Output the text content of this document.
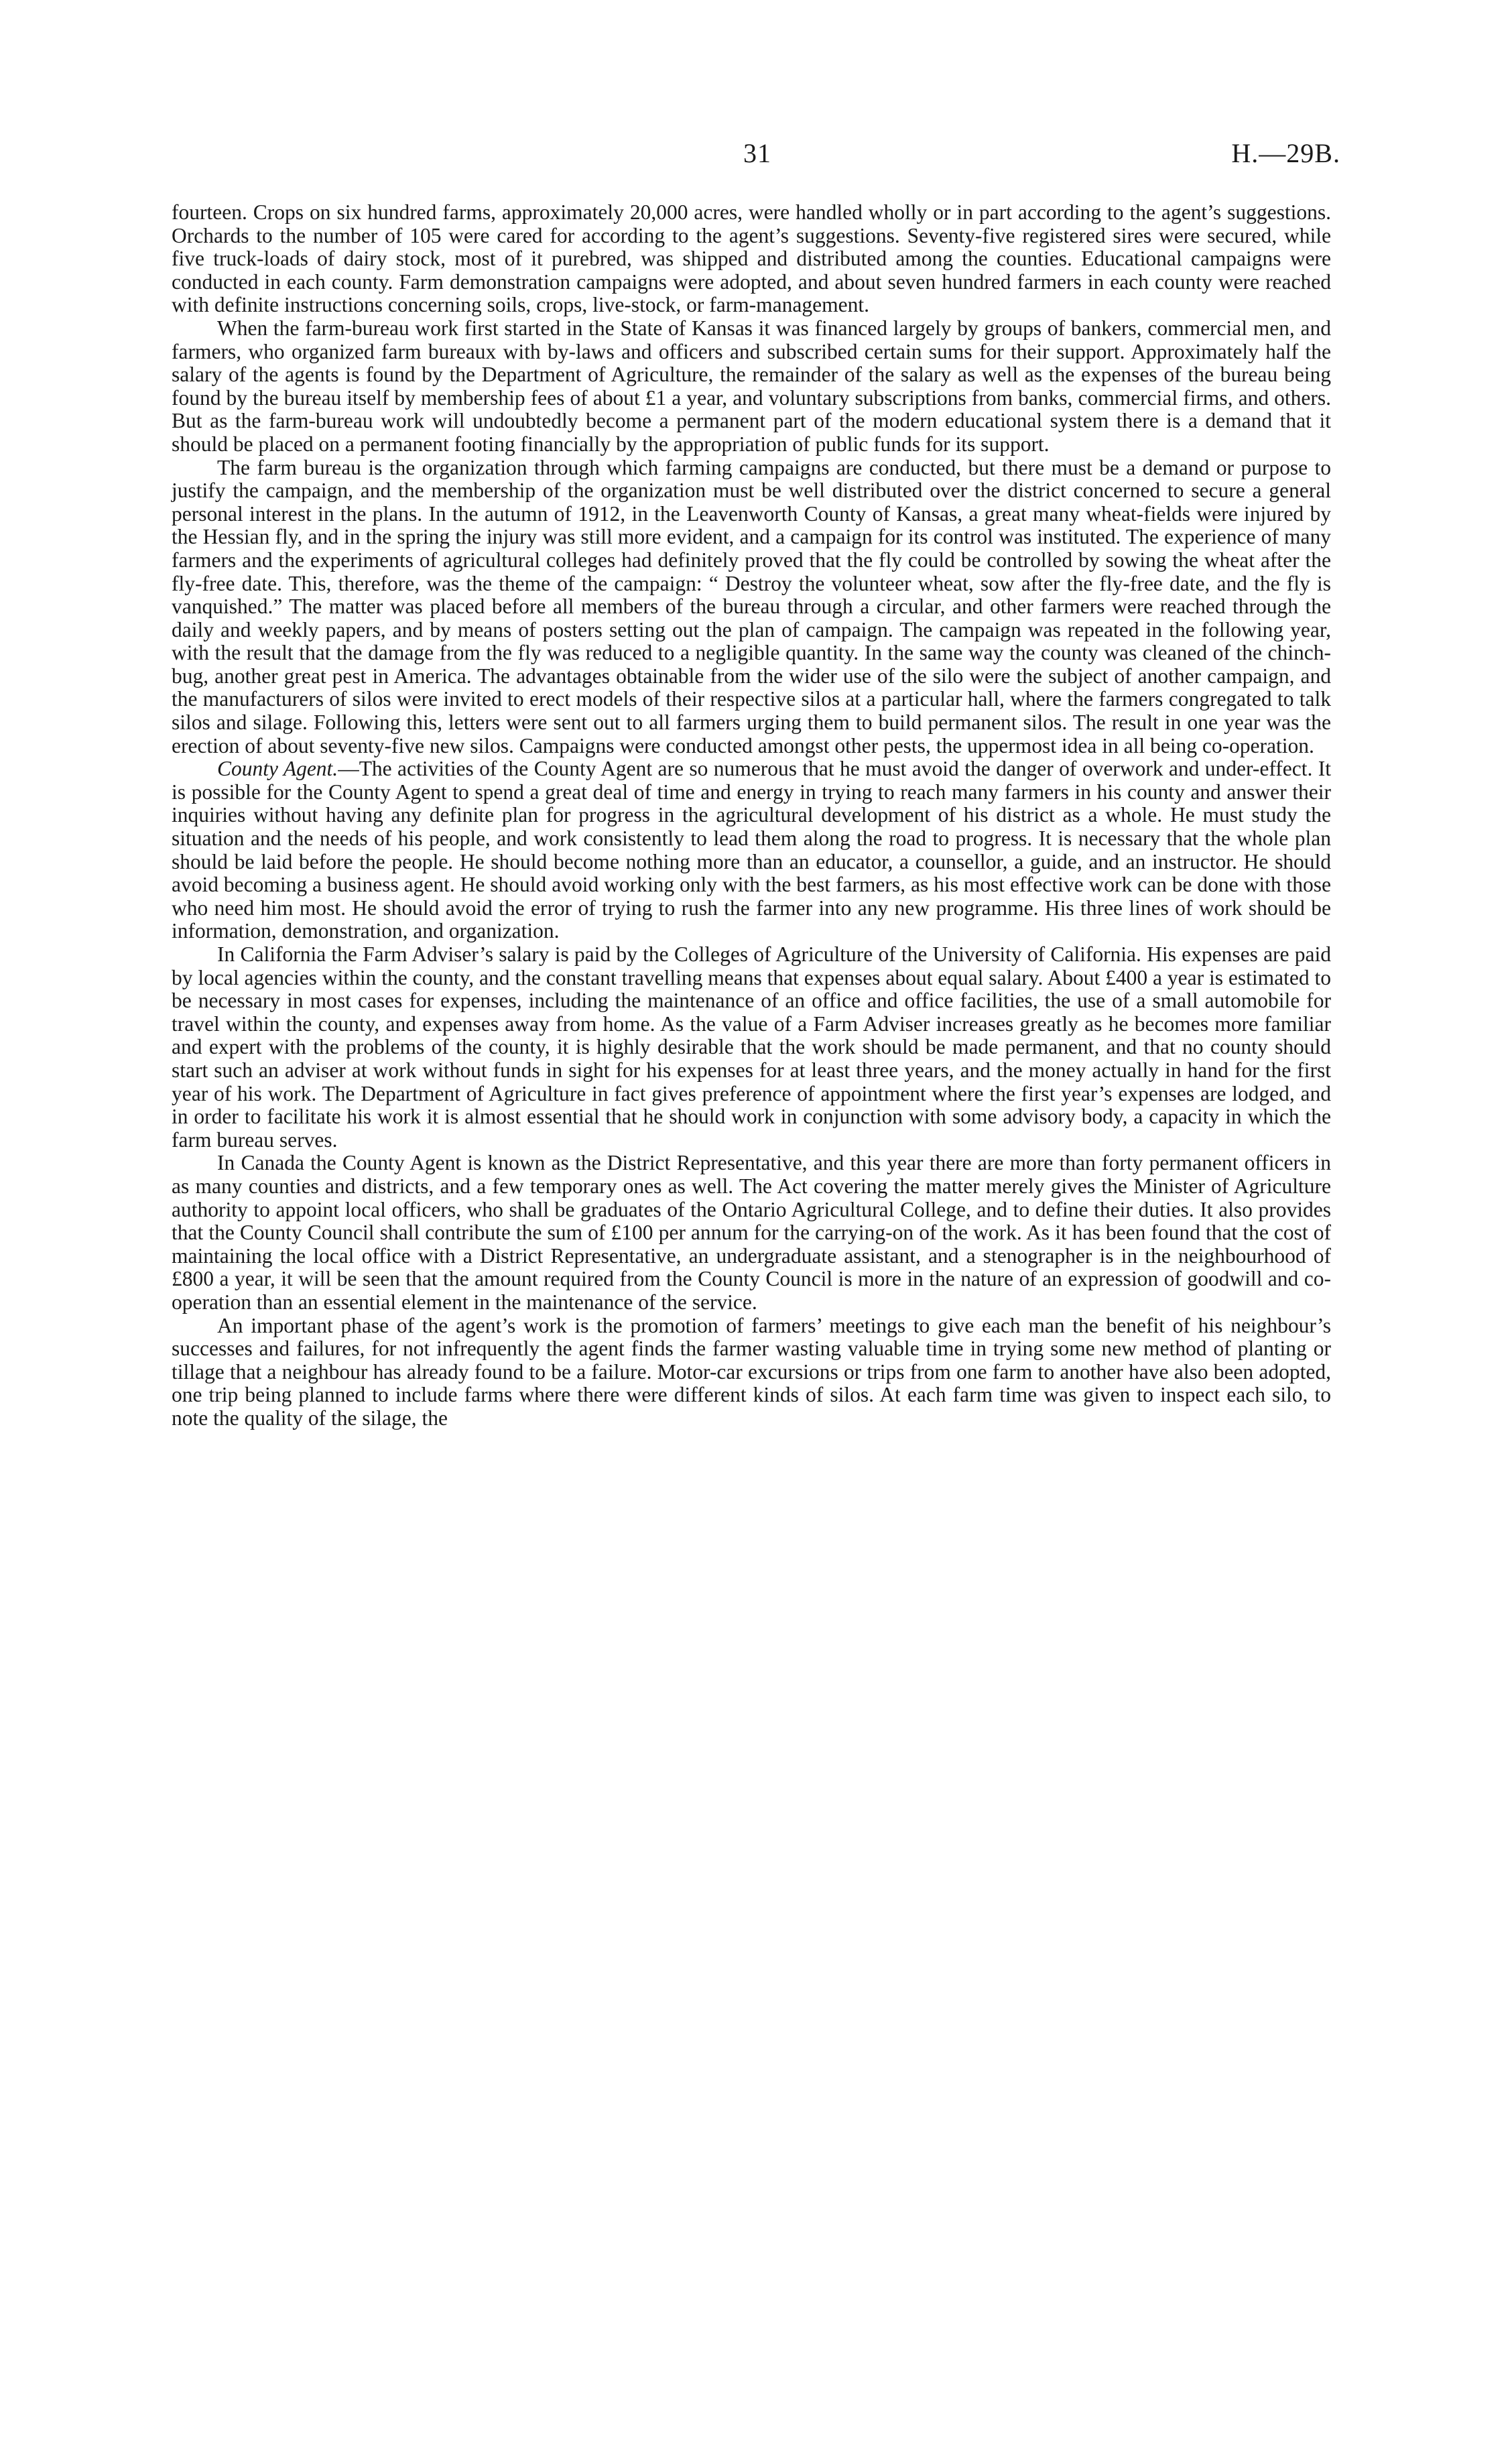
31	H.—29B.

fourteen. Crops on six hundred farms, approximately 20,000 acres, were handled wholly or in part according to the agent’s suggestions. Orchards to the number of 105 were cared for according to the agent’s suggestions. Seventy-five registered sires were secured, while five truck-loads of dairy stock, most of it purebred, was shipped and distributed among the counties. Educational campaigns were conducted in each county. Farm demonstration campaigns were adopted, and about seven hundred farmers in each county were reached with definite instructions concerning soils, crops, live-stock, or farm-management.

When the farm-bureau work first started in the State of Kansas it was financed largely by groups of bankers, commercial men, and farmers, who organized farm bureaux with by-laws and officers and subscribed certain sums for their support. Approximately half the salary of the agents is found by the Department of Agriculture, the remainder of the salary as well as the expenses of the bureau being found by the bureau itself by membership fees of about £1 a year, and voluntary subscriptions from banks, commercial firms, and others. But as the farm-bureau work will undoubtedly become a permanent part of the modern educational system there is a demand that it should be placed on a permanent footing financially by the appropriation of public funds for its support.

The farm bureau is the organization through which farming campaigns are conducted, but there must be a demand or purpose to justify the campaign, and the membership of the organization must be well distributed over the district concerned to secure a general personal interest in the plans. In the autumn of 1912, in the Leavenworth County of Kansas, a great many wheat-fields were injured by the Hessian fly, and in the spring the injury was still more evident, and a campaign for its control was instituted. The experience of many farmers and the experiments of agricultural colleges had definitely proved that the fly could be controlled by sowing the wheat after the fly-free date. This, therefore, was the theme of the campaign: “ Destroy the volunteer wheat, sow after the fly-free date, and the fly is vanquished.” The matter was placed before all members of the bureau through a circular, and other farmers were reached through the daily and weekly papers, and by means of posters setting out the plan of campaign. The campaign was repeated in the following year, with the result that the damage from the fly was reduced to a negligible quantity. In the same way the county was cleaned of the chinch-bug, another great pest in America. The advantages obtainable from the wider use of the silo were the subject of another campaign, and the manufacturers of silos were invited to erect models of their respective silos at a particular hall, where the farmers congregated to talk silos and silage. Following this, letters were sent out to all farmers urging them to build permanent silos. The result in one year was the erection of about seventy-five new silos. Campaigns were conducted amongst other pests, the uppermost idea in all being co-operation.

County Agent.—The activities of the County Agent are so numerous that he must avoid the danger of overwork and under-effect. It is possible for the County Agent to spend a great deal of time and energy in trying to reach many farmers in his county and answer their inquiries without having any definite plan for progress in the agricultural development of his district as a whole. He must study the situation and the needs of his people, and work consistently to lead them along the road to progress. It is necessary that the whole plan should be laid before the people. He should become nothing more than an educator, a counsellor, a guide, and an instructor. He should avoid becoming a business agent. He should avoid working only with the best farmers, as his most effective work can be done with those who need him most. He should avoid the error of trying to rush the farmer into any new programme. His three lines of work should be information, demonstration, and organization.

In California the Farm Adviser’s salary is paid by the Colleges of Agriculture of the University of California. His expenses are paid by local agencies within the county, and the constant travelling means that expenses about equal salary. About £400 a year is estimated to be necessary in most cases for expenses, including the maintenance of an office and office facilities, the use of a small automobile for travel within the county, and expenses away from home. As the value of a Farm Adviser increases greatly as he becomes more familiar and expert with the problems of the county, it is highly desirable that the work should be made permanent, and that no county should start such an adviser at work without funds in sight for his expenses for at least three years, and the money actually in hand for the first year of his work. The Department of Agriculture in fact gives preference of appointment where the first year’s expenses are lodged, and in order to facilitate his work it is almost essential that he should work in conjunction with some advisory body, a capacity in which the farm bureau serves.

In Canada the County Agent is known as the District Representative, and this year there are more than forty permanent officers in as many counties and districts, and a few temporary ones as well. The Act covering the matter merely gives the Minister of Agriculture authority to appoint local officers, who shall be graduates of the Ontario Agricultural College, and to define their duties. It also provides that the County Council shall contribute the sum of £100 per annum for the carrying-on of the work. As it has been found that the cost of maintaining the local office with a District Representative, an undergraduate assistant, and a stenographer is in the neighbourhood of £800 a year, it will be seen that the amount required from the County Council is more in the nature of an expression of goodwill and co-operation than an essential element in the maintenance of the service.

An important phase of the agent’s work is the promotion of farmers’ meetings to give each man the benefit of his neighbour’s successes and failures, for not infrequently the agent finds the farmer wasting valuable time in trying some new method of planting or tillage that a neighbour has already found to be a failure. Motor-car excursions or trips from one farm to another have also been adopted, one trip being planned to include farms where there were different kinds of silos. At each farm time was given to inspect each silo, to note the quality of the silage, the
